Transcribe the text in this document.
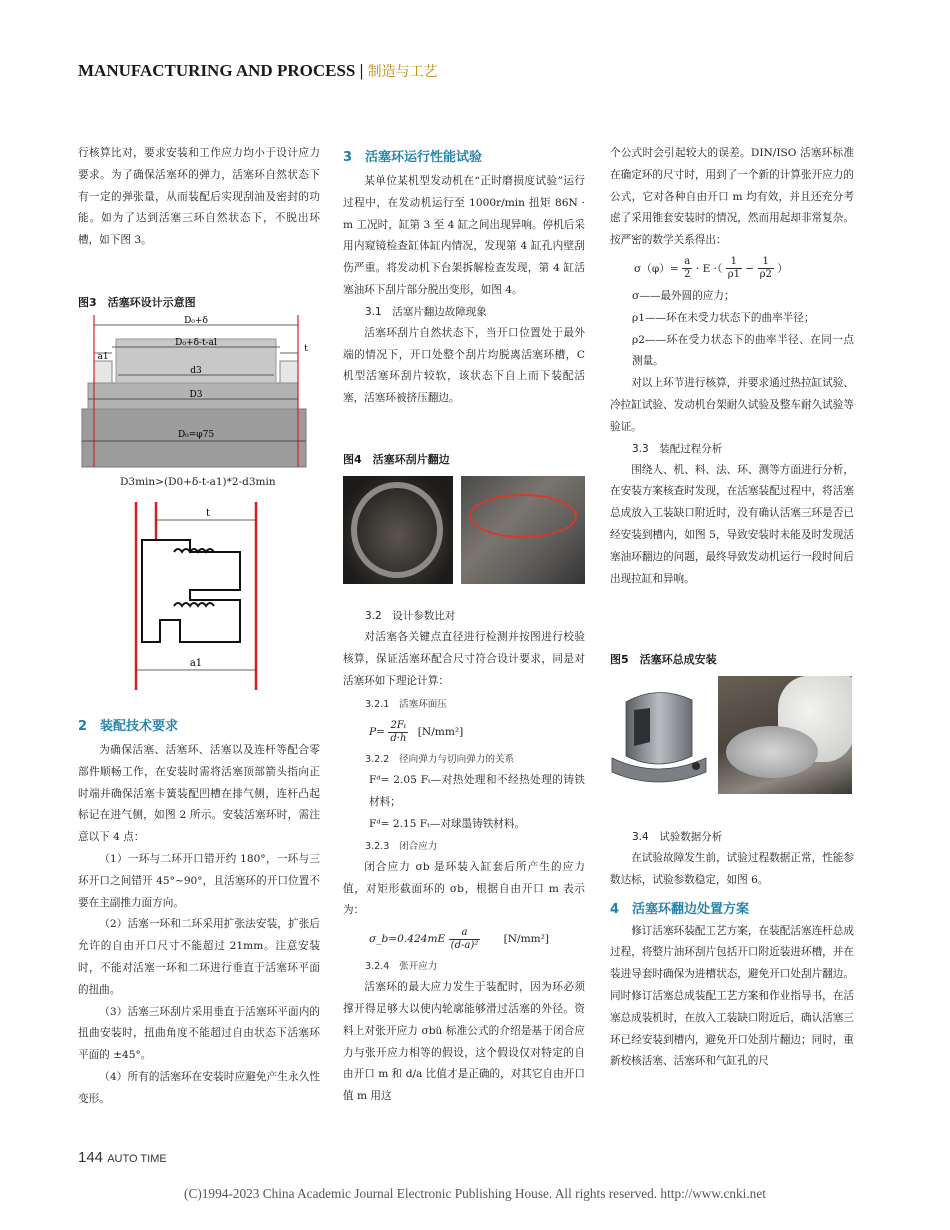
MANUFACTURING AND PROCESS | 制造与工艺

行核算比对，要求安装和工作应力均小于设计应力要求。为了确保活塞环的弹力，活塞环自然状态下有一定的弹张量，从而装配后实现刮油及密封的功能。如为了达到活塞三环自然状态下，不脱出环槽，如下图 3。

图3　活塞环设计示意图
D₀+δ
D₀+δ-t-al
a1
t
d3
D3
D₀=φ75
D3min>(D0+δ-t-a1)*2-d3min
t
a1

2　装配技术要求

为确保活塞、活塞环、活塞以及连杆等配合零部件顺畅工作，在安装时需将活塞顶部箭头指向正时端并确保活塞卡簧装配凹槽在排气侧，连杆凸起标记在进气侧，如图 2 所示。安装活塞环时，需注意以下 4 点：

（1）一环与二环开口错开约 180°，一环与三环开口之间错开 45°~90°，且活塞环的开口位置不要在主副推力面方向。

（2）活塞一环和二环采用扩张法安装，扩张后允许的自由开口尺寸不能超过 21mm。注意安装时，不能对活塞一环和二环进行垂直于活塞环平面的扭曲。

（3）活塞三环刮片采用垂直于活塞环平面内的扭曲安装时，扭曲角度不能超过自由状态下活塞环平面的 ±45°。

（4）所有的活塞环在安装时应避免产生永久性变形。

3　活塞环运行性能试验

某单位某机型发动机在“正时磨损度试验”运行过程中，在发动机运行至 1000r/min 扭矩 86N · m 工况时，缸第 3 至 4 缸之间出现异响。停机后采用内窥镜检查缸体缸内情况，发现第 4 缸孔内壁刮伤严重。将发动机下台架拆解检查发现，第 4 缸活塞油环下刮片部分脱出变形，如图 4。

3.1　活塞片翻边故障现象

活塞环刮片自然状态下，当开口位置处于最外端的情况下，开口处整个刮片均脱离活塞环槽，C 机型活塞环刮片较软，该状态下自上而下装配活塞，活塞环被挤压翻边。

图4　活塞环刮片翻边

3.2　设计参数比对

对活塞各关键点直径进行检测并按图进行校验核算，保证活塞环配合尺寸符合设计要求，同是对活塞环如下理论计算：

3.2.1　活塞环面压

$P= \frac{\text{2Fₜ}}{d\cdot h} [N/mm^2]$

3.2.2　径向弹力与切向弹力的关系

Fᵈ= 2.05 Fₜ—对热处理和不经热处理的铸铁材料；

Fᵈ= 2.15 Fₜ—对球墨铸铁材料。

3.2.3　闭合应力

闭合应力 σb 是环装入缸套后所产生的应力值，对矩形截面环的 σb，根据自由开口 m 表示为：

σ_b=0.424mE $\frac{a}{\text{(d-a)²}} [N/mm^2]$

3.2.4　张开应力

活塞环的最大应力发生于装配时，因为环必须撑开得足够大以使内轮廓能够滑过活塞的外径。资料上对张开应力 σbü 标准公式的介绍是基于闭合应力与张开应力相等的假设，这个假设仅对特定的自由开口 m 和 d/a 比值才是正确的，对其它自由开口值 m 用这

个公式时会引起较大的误差。DIN/ISO 活塞环标准在确定环的尺寸时，用到了一个新的计算张开应力的公式，它对各种自由开口 m 均有效，并且还充分考虑了采用锥套安装时的情况，然而用起却非常复杂。按严密的数学关系得出：

$\sigma(\varphi)= \frac{a}{2} \cdot E$ ·（ $\frac{1}{\rho 1} - \frac{1}{\rho 2}$ ）

σ——最外圆的应力；

ρ1——环在未受力状态下的曲率半径；

ρ2——环在受力状态下的曲率半径、在同一点测量。

对以上环节进行核算，并要求通过热拉缸试验、冷拉缸试验、发动机台架耐久试验及整车耐久试验等验证。

3.3　装配过程分析

围绕人、机、料、法、环、测等方面进行分析，在安装方案核查时发现，在活塞装配过程中，将活塞总成放入工装缺口附近时，没有确认活塞三环是否已经安装到槽内，如图 5，导致安装时未能及时发现活塞油环翻边的问题，最终导致发动机运行一段时间后出现拉缸和异响。

图5　活塞环总成安装

3.4　试验数据分析

在试验故障发生前，试验过程数据正常，性能参数达标，试验参数稳定，如图 6。

4　活塞环翻边处置方案

修订活塞环装配工艺方案，在装配活塞连杆总成过程，将整片油环刮片包括开口附近装进环槽，并在装进导套时确保为进槽状态，避免开口处刮片翻边。同时修订活塞总成装配工艺方案和作业指导书，在活塞总成装机时，在放入工装缺口附近后，确认活塞三环已经安装到槽内，避免开口处刮片翻边；同时，重新校核活塞、活塞环和气缸孔的尺

144 AUTO TIME
(C)1994-2023 China Academic Journal Electronic Publishing House. All rights reserved. http://www.cnki.net
